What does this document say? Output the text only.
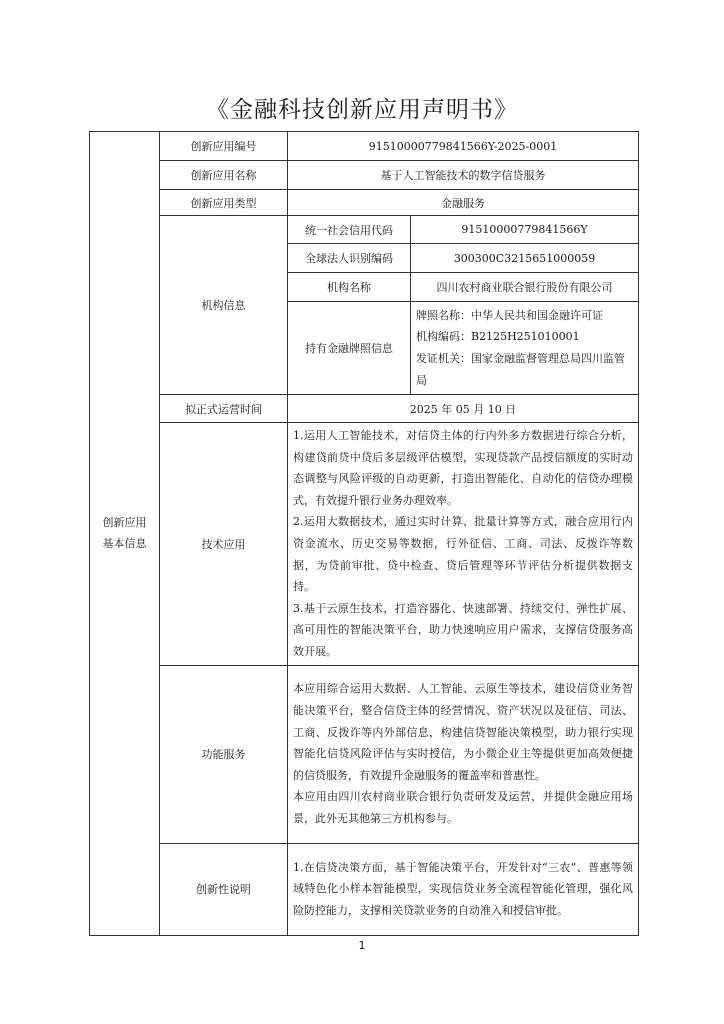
《金融科技创新应用声明书》
创新应用
基本信息	创新应用编号	91510000779841566Y-2025-0001	
	创新应用名称	基于人工智能技术的数字信贷服务	
	创新应用类型	金融服务	
	机构信息	统一社会信用代码	91510000779841566Y
		全球法人识别编码	300300C3215651000059
		机构名称	四川农村商业联合银行股份有限公司
		持有金融牌照信息	牌照名称：中华人民共和国金融许可证
机构编码：B2125H251010001
发证机关：国家金融监督管理总局四川监管局

	拟正式运营时间	2025 年 05 月 10 日	
	技术应用	1.运用人工智能技术，对信贷主体的行内外多方数据进行综合分析，构建贷前贷中贷后多层级评估模型，实现贷款产品授信额度的实时动态调整与风险评级的自动更新，打造出智能化、自动化的信贷办理模式，有效提升银行业务办理效率。

2.运用大数据技术，通过实时计算、批量计算等方式，融合应用行内资金流水、历史交易等数据，行外征信、工商、司法、反拨诈等数据，为贷前审批、贷中检查、贷后管理等环节评估分析提供数据支持。

3.基于云原生技术，打造容器化、快速部署、持续交付、弹性扩展、高可用性的智能决策平台，助力快速响应用户需求，支撑信贷服务高效开展。	

	功能服务	本应用综合运用大数据、人工智能、云原生等技术，建设信贷业务智能决策平台，整合信贷主体的经营情况、资产状况以及征信、司法、工商、反拨诈等内外部信息，构建信贷智能决策模型，助力银行实现智能化信贷风险评估与实时授信，为小微企业主等提供更加高效便捷的信贷服务，有效提升金融服务的覆盖率和普惠性。

本应用由四川农村商业联合银行负责研发及运营，并提供金融应用场景，此外无其他第三方机构参与。	

	创新性说明	1.在信贷决策方面，基于智能决策平台，开发针对“三农”、普惠等领域特色化小样本智能模型，实现信贷业务全流程智能化管理，强化风险防控能力，支撑相关贷款业务的自动准入和授信审批。	

1
